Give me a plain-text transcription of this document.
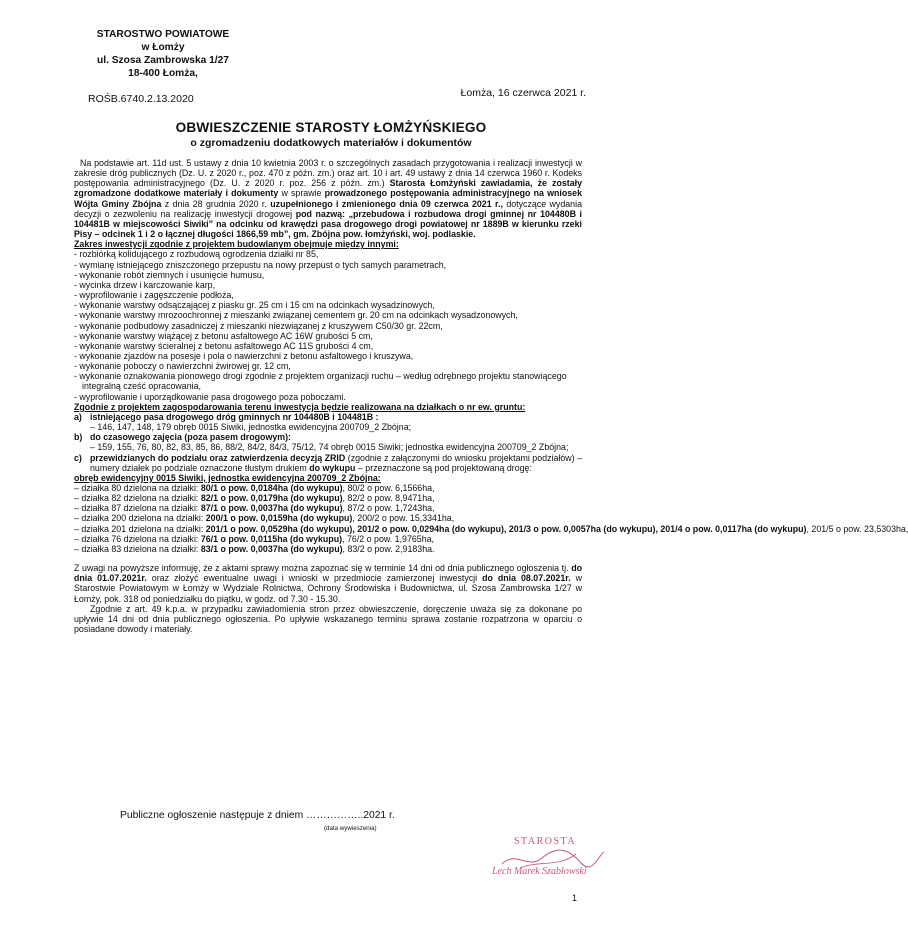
STAROSTWO POWIATOWE
w Łomży
ul. Szosa Zambrowska 1/27
18-400 Łomża,
Łomża, 16 czerwca 2021 r.
ROŚB.6740.2.13.2020
OBWIESZCZENIE STAROSTY ŁOMŻYŃSKIEGO
o zgromadzeniu dodatkowych materiałów i dokumentów

Na podstawie art. 11d ust. 5 ustawy z dnia 10 kwietnia 2003 r. o szczególnych zasadach przygotowania i realizacji inwestycji w zakresie dróg publicznych (Dz. U. z 2020 r., poz. 470 z późn. zm.) oraz art. 10 i art. 49 ustawy z dnia 14 czerwca 1960 r. Kodeks postępowania administracyjnego (Dz. U. z 2020 r. poz. 256 z późn. zm.) Starosta Łomżyński zawiadamia, że zostały zgromadzone dodatkowe materiały i dokumenty w sprawie prowadzonego postępowania administracyjnego na wniosek Wójta Gminy Zbójna z dnia 28 grudnia 2020 r. uzupełnionego i zmienionego dnia 09 czerwca 2021 r., dotyczące wydania decyzji o zezwoleniu na realizację inwestycji drogowej pod nazwą: „przebudowa i rozbudowa drogi gminnej nr 104480B i 104481B w miejscowości Siwiki” na odcinku od krawędzi pasa drogowego drogi powiatowej nr 1889B w kierunku rzeki Pisy – odcinek 1 i 2 o łącznej długości 1866,59 mb”, gm. Zbójna pow. łomżyński, woj. podlaskie.

Zakres inwestycji zgodnie z projektem budowlanym obejmuje między innymi:

- rozbiórką kolidującego z rozbudową ogrodzenia działki nr 85,
- wymianę istniejącego zniszczonego przepustu na nowy przepust o tych samych parametrach,
- wykonanie robót ziemnych i usunięcie humusu,
- wycinka drzew i karczowanie karp,
- wyprofilowanie i zagęszczenie podłoża,
- wykonanie warstwy odsączającej z piasku gr. 25 cm i 15 cm na odcinkach wysadzinowych,
- wykonanie warstwy mrozoochronnej z mieszanki związanej cementem gr. 20 cm na odcinkach wysadzonowych,
- wykonanie podbudowy zasadniczej z mieszanki niezwiązanej z kruszywem C50/30 gr. 22cm,
- wykonanie warstwy wiążącej z betonu asfaltowego AC 16W grubości 5 cm,
- wykonanie warstwy ścieralnej z betonu asfaltowego AC 11S grubości 4 cm,
- wykonanie zjazdów na posesje i pola o nawierzchni z betonu asfaltowego i kruszywa,
- wykonanie poboczy o nawierzchni żwirowej gr. 12 cm,
- wykonanie oznakowania pionowego drogi zgodnie z projektem organizacji ruchu – według odrębnego projektu stanowiącego integralną cześć opracowania,
- wyprofilowanie i uporządkowanie pasa drogowego poza poboczami.

Zgodnie z projektem zagospodarowania terenu inwestycja będzie realizowana na działkach o nr ew. gruntu:

a) istniejącego pasa drogowego dróg gminnych nr 104480B i 104481B :
– 146, 147, 148, 179 obręb 0015 Siwiki, jednostka ewidencyjna 200709_2 Zbójna;
b) do czasowego zajęcia (poza pasem drogowym):
– 159, 155, 76, 80, 82, 83, 85, 86, 88/2, 84/2, 84/3, 75/12, 74 obręb 0015 Siwiki; jednostka ewidencyjna 200709_2 Zbójna;
c) przewidzianych do podziału oraz zatwierdzenia decyzją ZRID (zgodnie z załączonymi do wniosku projektami podziałów) – numery działek po podziale oznaczone tłustym drukiem do wykupu – przeznaczone są pod projektowaną drogę:

obręb ewidencyjny 0015 Siwiki, jednostka ewidencyjna 200709_2 Zbójna:

– działka 80 dzielona na działki: 80/1 o pow. 0,0184ha (do wykupu), 80/2 o pow. 6,1566ha,
– działka 82 dzielona na działki: 82/1 o pow. 0,0179ha (do wykupu), 82/2 o pow. 8,9471ha,
– działka 87 dzielona na działki: 87/1 o pow. 0,0037ha (do wykupu), 87/2 o pow. 1,7243ha,
– działka 200 dzielona na działki: 200/1 o pow. 0,0159ha (do wykupu), 200/2 o pow. 15,3341ha,
– działka 201 dzielona na działki: 201/1 o pow. 0,0529ha (do wykupu), 201/2 o pow. 0,0294ha (do wykupu), 201/3 o pow. 0,0057ha (do wykupu), 201/4 o pow. 0,0117ha (do wykupu), 201/5 o pow. 23,5303ha,
– działka 76 dzielona na działki: 76/1 o pow. 0,0115ha (do wykupu), 76/2 o pow. 1,9765ha,
– działka 83 dzielona na działki: 83/1 o pow. 0,0037ha (do wykupu), 83/2 o pow. 2,9183ha.

Z uwagi na powyższe informuję, że z aktami sprawy można zapoznać się w terminie 14 dni od dnia publicznego ogłoszenia tj. do dnia 01.07.2021r. oraz złożyć ewentualne uwagi i wnioski w przedmiocie zamierzonej inwestycji do dnia 08.07.2021r. w Starostwie Powiatowym w Łomży w Wydziale Rolnictwa, Ochrony Środowiska i Budownictwa, ul. Szosa Zambrowska 1/27 w Łomży, pok. 318 od poniedziałku do piątku, w godz. od 7.30 - 15.30.

Zgodnie z art. 49 k.p.a. w przypadku zawiadomienia stron przez obwieszczenie, doręczenie uważa się za dokonane po upływie 14 dni od dnia publicznego ogłoszenia. Po upływie wskazanego terminu sprawa zostanie rozpatrzona w oparciu o posiadane dowody i materiały.

Publiczne ogłoszenie następuje z dniem ……………..2021 r.
(data wywieszenia)
STAROSTA
Lech Marek Szabłowski
1
